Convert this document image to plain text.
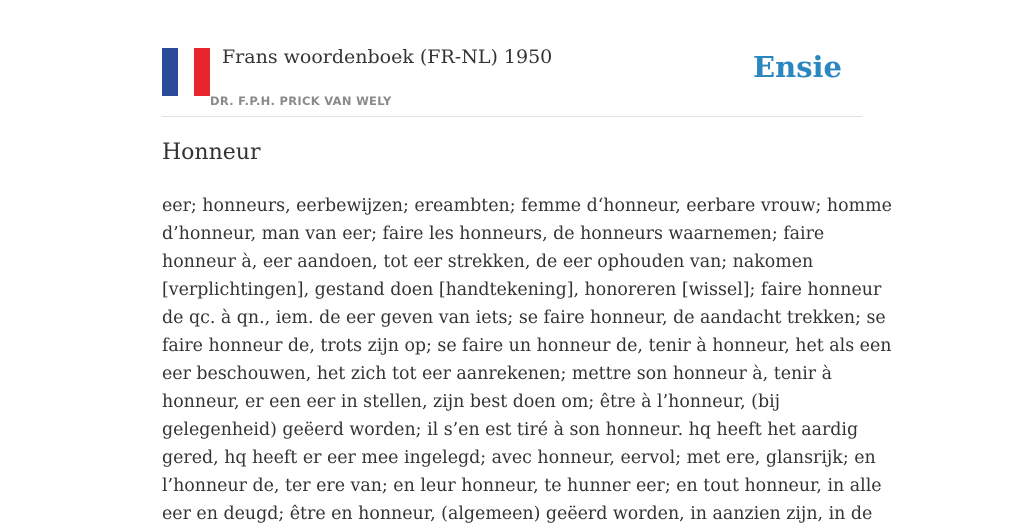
Frans woordenboek (FR-NL) 1950
DR. F.P.H. PRICK VAN WELY
Ensie
Honneur
eer; honneurs, eerbewijzen; ereambten; femme d‘honneur, eerbare vrouw; homme
d’honneur, man van eer; faire les honneurs, de honneurs waarnemen; faire
honneur à, eer aandoen, tot eer strekken, de eer ophouden van; nakomen
[verplichtingen], gestand doen [handtekening], honoreren [wissel]; faire honneur
de qc. à qn., iem. de eer geven van iets; se faire honneur, de aandacht trekken; se
faire honneur de, trots zijn op; se faire un honneur de, tenir à honneur, het als een
eer beschouwen, het zich tot eer aanrekenen; mettre son honneur à, tenir à
honneur, er een eer in stellen, zijn best doen om; être à l’honneur, (bij
gelegenheid) geëerd worden; il s’en est tiré à son honneur. hq heeft het aardig
gered, hq heeft er eer mee ingelegd; avec honneur, eervol; met ere, glansrijk; en
l’honneur de, ter ere van; en leur honneur, te hunner eer; en tout honneur, in alle
eer en deugd; être en honneur, (algemeen) geëerd worden, in aanzien zijn, in de
